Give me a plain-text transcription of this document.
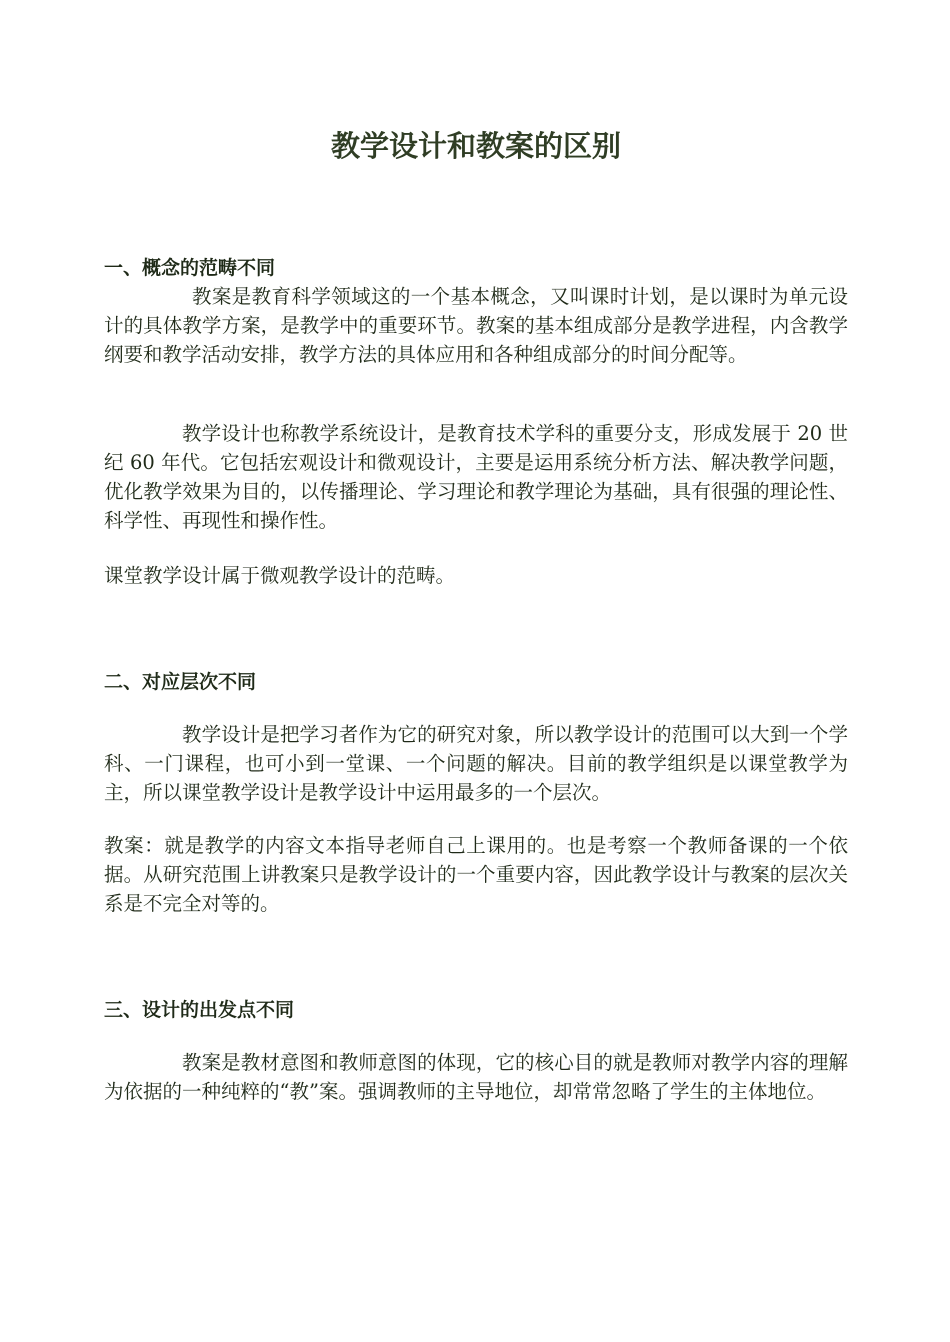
教学设计和教案的区别
一、概念的范畴不同

教案是教育科学领域这的一个基本概念，又叫课时计划，是以课时为单元设计的具体教学方案，是教学中的重要环节。教案的基本组成部分是教学进程，内含教学纲要和教学活动安排，教学方法的具体应用和各种组成部分的时间分配等。

教学设计也称教学系统设计，是教育技术学科的重要分支，形成发展于 20 世纪 60 年代。它包括宏观设计和微观设计，主要是运用系统分析方法、解决教学问题，优化教学效果为目的，以传播理论、学习理论和教学理论为基础，具有很强的理论性、科学性、再现性和操作性。

课堂教学设计属于微观教学设计的范畴。

二、对应层次不同

教学设计是把学习者作为它的研究对象，所以教学设计的范围可以大到一个学科、一门课程，也可小到一堂课、一个问题的解决。目前的教学组织是以课堂教学为主，所以课堂教学设计是教学设计中运用最多的一个层次。

教案：就是教学的内容文本指导老师自己上课用的。也是考察一个教师备课的一个依据。从研究范围上讲教案只是教学设计的一个重要内容，因此教学设计与教案的层次关系是不完全对等的。

三、设计的出发点不同

教案是教材意图和教师意图的体现，它的核心目的就是教师对教学内容的理解为依据的一种纯粹的“教”案。强调教师的主导地位，却常常忽略了学生的主体地位。
